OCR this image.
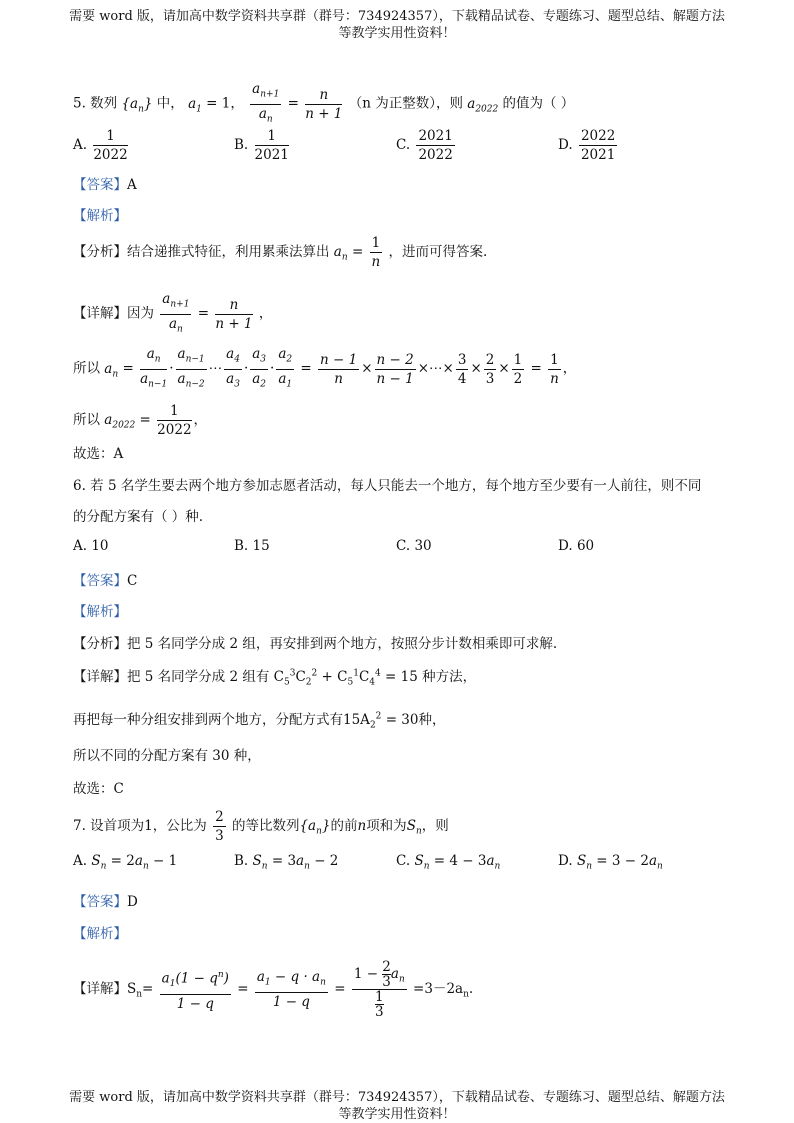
需要 word 版，请加高中数学资料共享群（群号：734924357），下载精品试卷、专题练习、题型总结、解题方法
等教学实用性资料！
5. 数列 $\{a_n\}$ 中， $a_1 = 1$， $\frac{a_{n+1}}{a_n} = \frac{n}{n + 1} (n$ 为正整数），则 $a_{2022}$ 的值为（ ）
A. $\frac{1}{2022}$	B. $\frac{1}{2021}$	C. $\frac{2021}{2022}$	D. $\frac{2022}{2021}$
【答案】A
【解析】
【分析】结合递推式特征，利用累乘法算出 $a_n = \frac{1}{n}$ ，进而可得答案.
【详解】因为 $\frac{a_{n+1}}{a_n} = \frac{n}{n + 1}$ ，
所以 $a_n = \frac{a_n}{a_{n-1}} \cdot \frac{a_{n-1}}{a_{n-2}}$ ⋯ $\frac{a_4}{a_3} \cdot \frac{a_3}{a_2} \cdot \frac{a_2}{a_1} = \frac{n - 1}{n} \times \frac{n - 2}{n - 1}$ ×⋯× $\frac{3}{4} \times \frac{2}{3} \times \frac{1}{2} = \frac{1}{n}$ ，
所以 $a_{2022} = \frac{1}{2022}$ ，
故选：A
6. 若 5 名学生要去两个地方参加志愿者活动，每人只能去一个地方，每个地方至少要有一人前往，则不同
的分配方案有（ ）种.
A. 10	B. 15	C. 30	D. 60
【答案】C
【解析】
【分析】把 5 名同学分成 2 组，再安排到两个地方，按照分步计数相乘即可求解.
【详解】把 5 名同学分成 2 组有 $C_5^3C_2^2 + C_5^1C_4^4 = 15$ 种方法，
再把每一种分组安排到两个地方，分配方式有$15A_2^2 = 30$种，
所以不同的分配方案有 30 种，
故选：C
7. 设首项为1，公比为 $\frac{2}{3}$ 的等比数列$\{a_n\}$的前n项和为$S_n$，则
A. $S_n = 2a_n - 1$	B. $S_n = 3a_n - 2$	C. $S_n = 4 - 3a_n$	D. $S_n = 3 - 2a_n$
【答案】D
【解析】
【详解】$S_n= \frac{a_1(1 - q^n)}{1 - q} = \frac{a_1 - q \cdot a_n}{1 - q} = \frac{1 - \frac{2}{3} a_n}{\frac{1}{3}} =3-2a_n$.
需要 word 版，请加高中数学资料共享群（群号：734924357），下载精品试卷、专题练习、题型总结、解题方法
等教学实用性资料！
